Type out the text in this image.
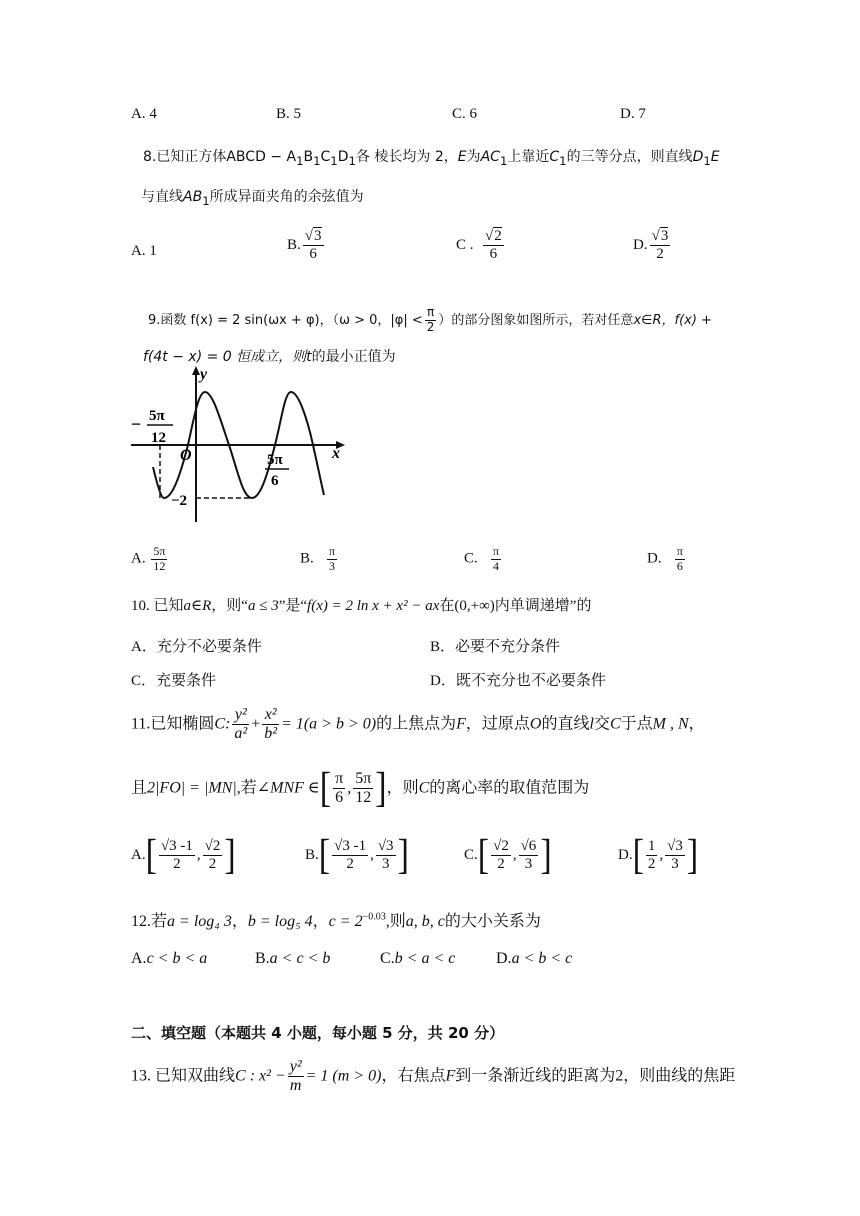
A. 4	B. 5	C. 6	D. 7
8.已知正方体ABCD − $A_1B_1C_1D_1$各 棱长均为 2，E为$AC_1$上靠近$C_1$的三等分点，则直线$D_1E$
与直线$AB_1$所成异面夹角的余弦值为
A. 1	B. $\frac{√3}{6}$	C . $\frac{√2}{6}$	D. $\frac{√3}{2}$
9.函数 f(x) = 2 sin(ωx + φ)，（ω > 0，$|\varphi| < \frac{\pi}{2}$ ）的部分图象如图所示，若对任意x∈R，f(x) +
f(4t − x) = 0 恒成立，则t的最小正值为
y
x
O
− 5π
12
5π
6
−2
A. $\frac{5\pi}{12}$	B. $\frac{\pi}{3}$	C. $\frac{\pi}{4}$	D. $\frac{\pi}{6}$
10. 已知a∈R，则“a ≤ 3”是“f(x) = 2 ln x + x² − ax在(0,+∞)内单调递增”的
A．充分不必要条件	B．必要不充分条件
C．充要条件	D．既不充分也不必要条件
11.已知椭圆C: $\frac{\text{y²}}{\text{a²}} + \frac{\text{x²}}{\text{b²}} = 1(a > b > 0)$的上焦点为F，过原点O的直线l交C于点M , N，
且2|FO| = |MN|,若∠MNF ∈[ $\frac{\pi}{6}$ , $\frac{5\pi}{12}$ ]，则C的离心率的取值范围为
$A.[ \frac{√3 -1}{2}$ , $\frac{√2}{2}$ ]	$B.[ \frac{√3 -1}{2}$ , $\frac{√3}{3}$ ]	$C.[ \frac{√2}{2}$ , $\frac{√6}{3}$ ]	$D.[ \frac{1}{2}$ , $\frac{√3}{3}$ ]
12.若a = log₄ 3，b = log₅ 4，$c = 2^{-0.03}$,则a, b, c的大小关系为
A.c < b < a	B.a < c < b	C.b < a < c	D.a < b < c
二、填空题（本题共 4 小题，每小题 5 分，共 20 分）
13. 已知双曲线C : $x^2 - \frac{\text{y²}}{m} = 1$ (m > 0)，右焦点F到一条渐近线的距离为2，则曲线的焦距
